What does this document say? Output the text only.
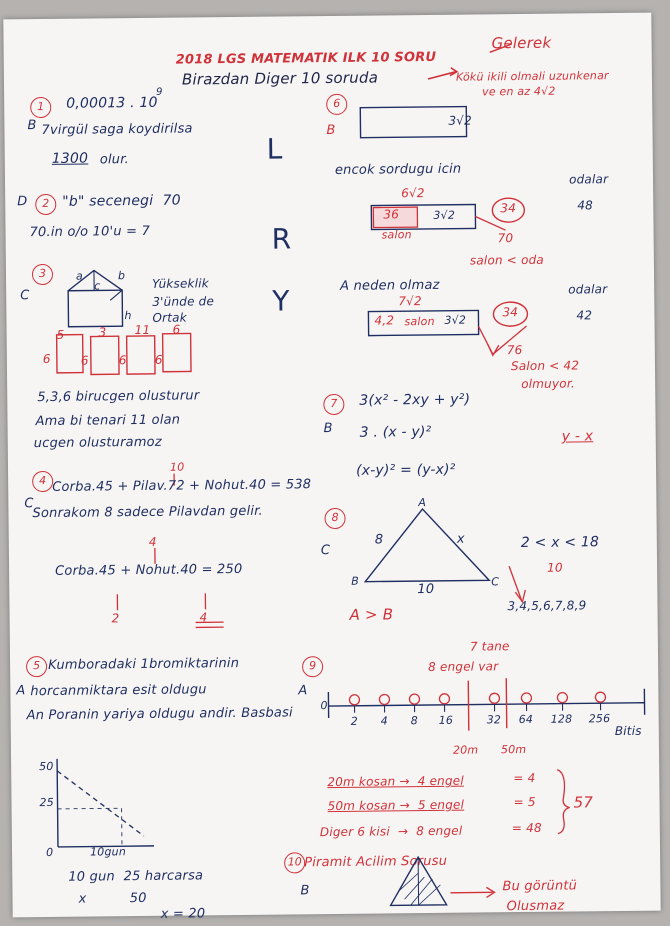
2018 LGS MATEMATIK ILK 10 SORU
Birazdan Diger 10 soruda
Gelerek
Kökü ikili olmali uzunkenar
ve en az 4√2
1
B
0,00013 . 10
9
7virgül saga koydirilsa
1300 olur.	L
2
D "b" secenegi  70
70.in o/o 10'u = 7	R
Y
3
C
a	b
c
h
Yükseklik
3'ünde de
Ortak
5	3 11 6
6	6	6 6
5,3,6 birucgen olusturur
Ama bi tenari 11 olan
ucgen olusturamoz
4
C
10
Corba.45 + Pilav.72 + Nohut.40 = 538
Sonrakom 8 sadece Pilavdan gelir.
4
Corba.45 + Nohut.40 = 250
2	4
5
A
Kumboradaki 1bromiktarinin
horcanmiktara esit oldugu
An Poranin yariya oldugu andir. Basbasi
50
25
0	10gun
10 gun  25 harcarsa
x          50
x = 20
6
B
3√2
encok sordugu icin
6√2
36	3√2
34
salon	70
odalar
48
salon < oda
A neden olmaz
7√2
4,2 salon 3√2
34
76
odalar
42
Salon < 42
olmuyor.
7
B
3(x² - 2xy + y²)
3 . (x - y)²
(x-y)² = (y-x)²
y - x
8
C
A
B	C
8	x
10
2 < x < 18
10
3,4,5,6,7,8,9
A > B
9
A
7 tane
8 engel var
2 4 8 16	32 64 128 256
0
Bitis
20m 50m
20m kosan →  4 engel	= 4
50m kosan →  5 engel	= 5
Diger 6 kisi  →  8 engel	= 48
57
10 Piramit Acilim Sorusu
B	Bu görüntü
Olusmaz
